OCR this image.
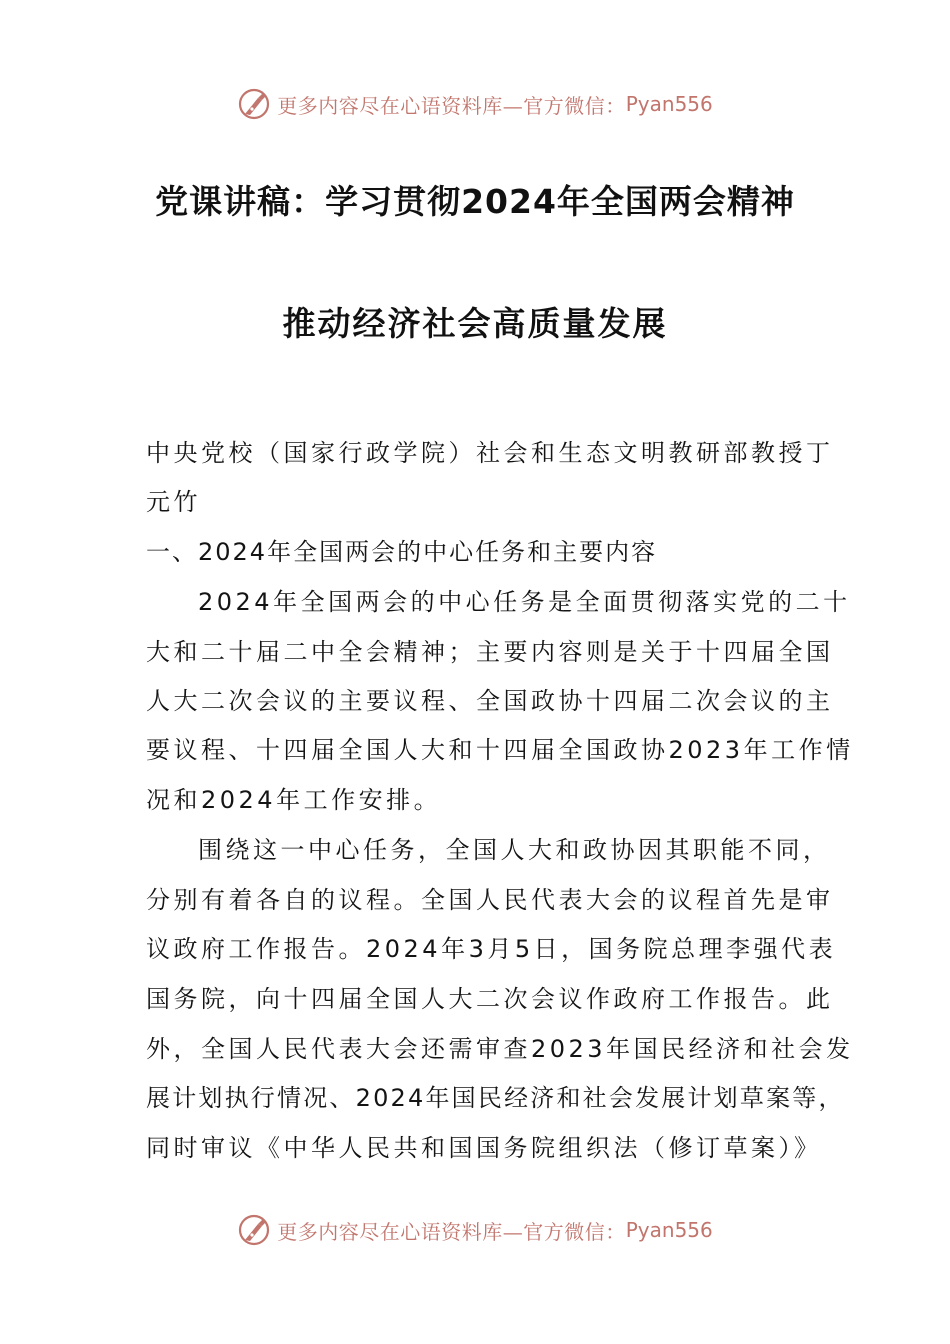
更多内容尽在心语资料库—官方微信： Pyan556
党课讲稿：学习贯彻2024年全国两会精神
推动经济社会高质量发展
中央党校（国家行政学院）社会和生态文明教研部教授丁
元竹
一、2024年全国两会的中心任务和主要内容
2024年全国两会的中心任务是全面贯彻落实党的二十
大和二十届二中全会精神；主要内容则是关于十四届全国
人大二次会议的主要议程、全国政协十四届二次会议的主
要议程、十四届全国人大和十四届全国政协2023年工作情
况和2024年工作安排。
围绕这一中心任务，全国人大和政协因其职能不同，
分别有着各自的议程。全国人民代表大会的议程首先是审
议政府工作报告。2024年3月5日，国务院总理李强代表
国务院，向十四届全国人大二次会议作政府工作报告。此
外，全国人民代表大会还需审查2023年国民经济和社会发
展计划执行情况、2024年国民经济和社会发展计划草案等，
同时审议《中华人民共和国国务院组织法（修订草案）》
更多内容尽在心语资料库—官方微信： Pyan556
